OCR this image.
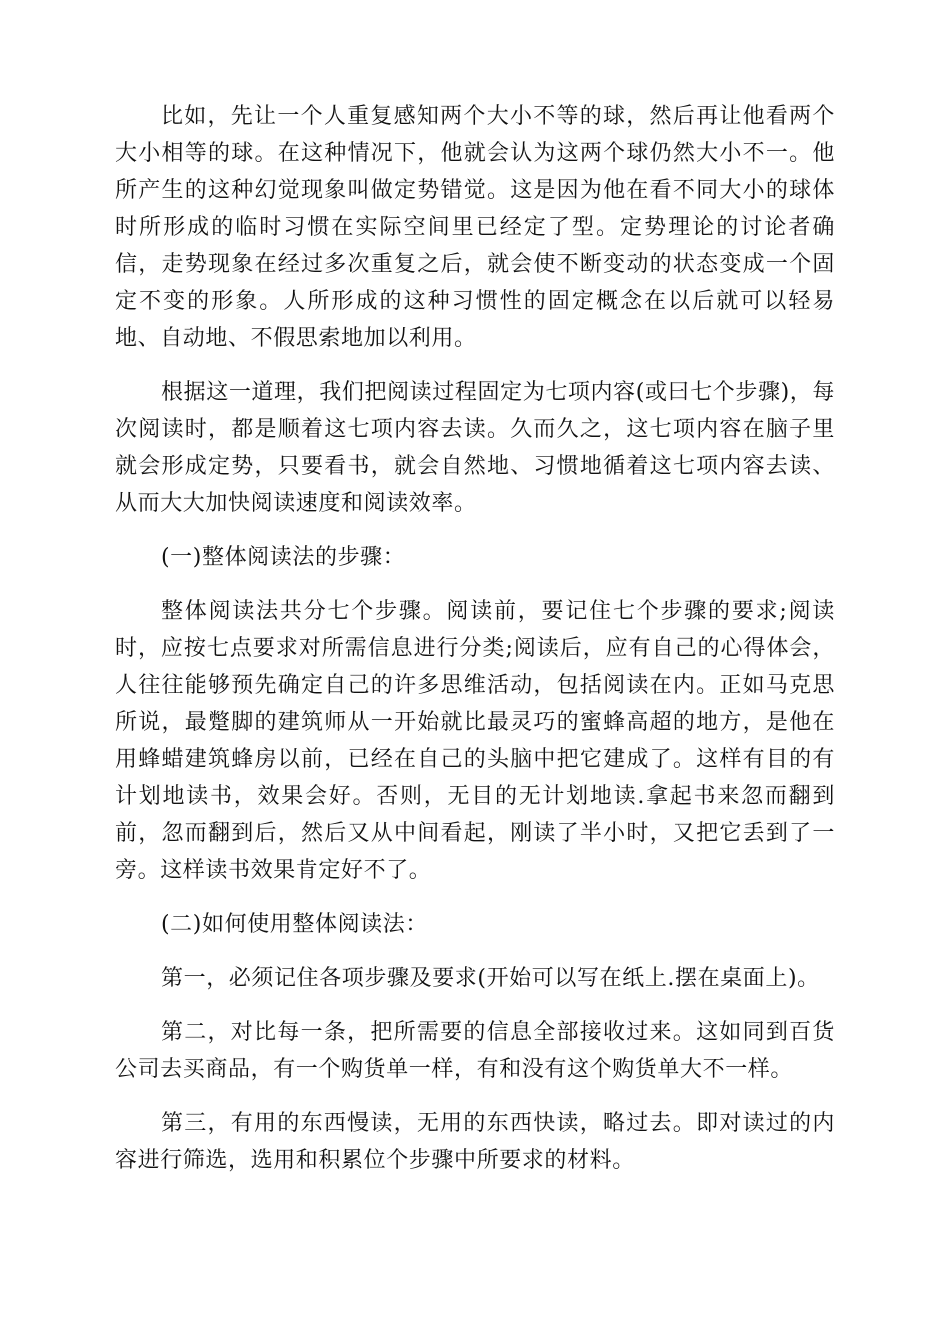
比如，先让一个人重复感知两个大小不等的球，然后再让他看两个大小相等的球。在这种情况下，他就会认为这两个球仍然大小不一。他所产生的这种幻觉现象叫做定势错觉。这是因为他在看不同大小的球体时所形成的临时习惯在实际空间里已经定了型。定势理论的讨论者确信，走势现象在经过多次重复之后，就会使不断变动的状态变成一个固定不变的形象。人所形成的这种习惯性的固定概念在以后就可以轻易地、自动地、不假思索地加以利用。

根据这一道理，我们把阅读过程固定为七项内容(或曰七个步骤)，每次阅读时，都是顺着这七项内容去读。久而久之，这七项内容在脑子里就会形成定势，只要看书，就会自然地、习惯地循着这七项内容去读、从而大大加快阅读速度和阅读效率。

(一)整体阅读法的步骤：

整体阅读法共分七个步骤。阅读前，要记住七个步骤的要求;阅读时，应按七点要求对所需信息进行分类;阅读后，应有自己的心得体会，人往往能够预先确定自己的许多思维活动，包括阅读在内。正如马克思所说，最蹩脚的建筑师从一开始就比最灵巧的蜜蜂高超的地方，是他在用蜂蜡建筑蜂房以前，已经在自己的头脑中把它建成了。这样有目的有计划地读书，效果会好。否则，无目的无计划地读.拿起书来忽而翻到前，忽而翻到后，然后又从中间看起，刚读了半小时，又把它丢到了一旁。这样读书效果肯定好不了。

(二)如何使用整体阅读法：

第一，必须记住各项步骤及要求(开始可以写在纸上.摆在桌面上)。

第二，对比每一条，把所需要的信息全部接收过来。这如同到百货公司去买商品，有一个购货单一样，有和没有这个购货单大不一样。

第三，有用的东西慢读，无用的东西快读，略过去。即对读过的内容进行筛选，选用和积累位个步骤中所要求的材料。
